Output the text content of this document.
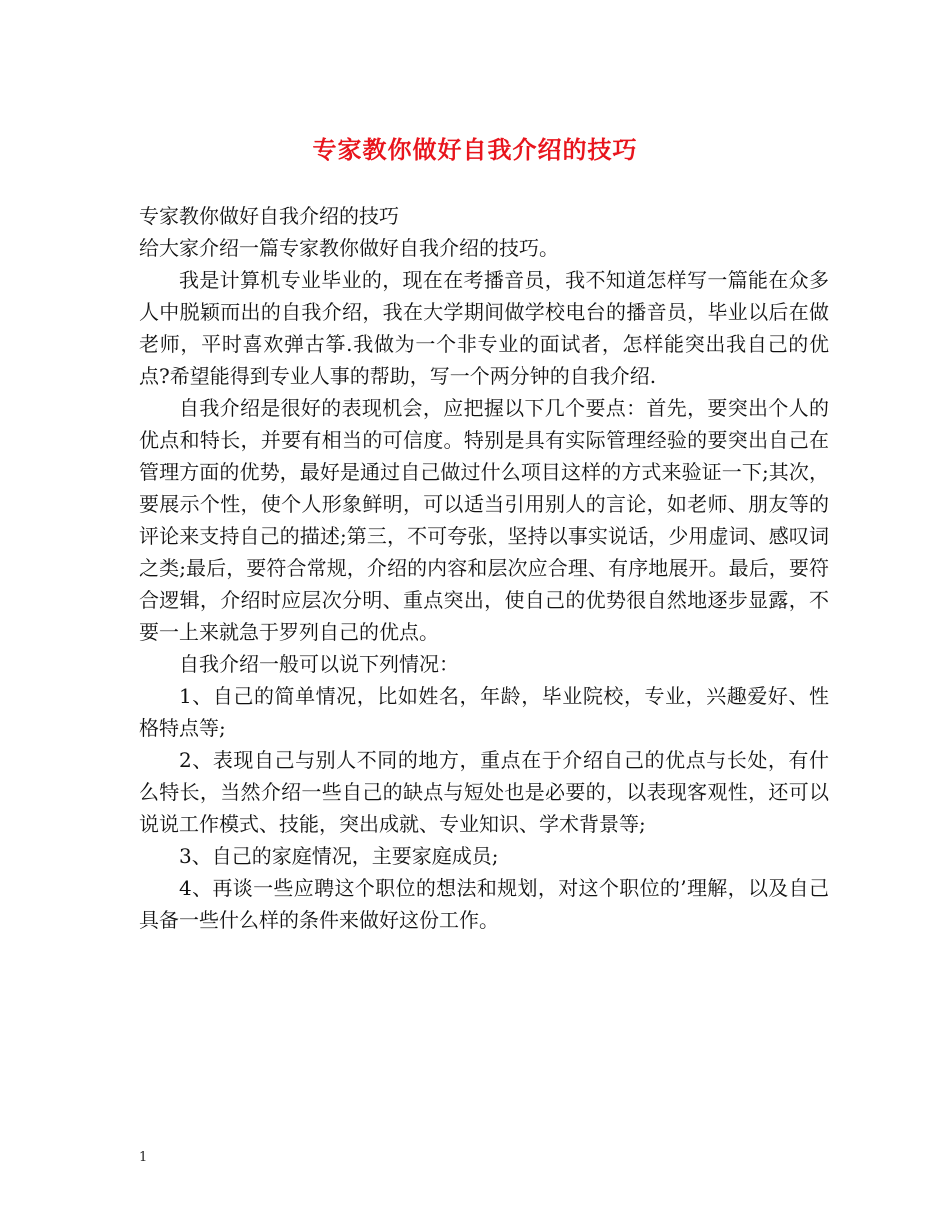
专家教你做好自我介绍的技巧

专家教你做好自我介绍的技巧

给大家介绍一篇专家教你做好自我介绍的技巧。

我是计算机专业毕业的，现在在考播音员，我不知道怎样写一篇能在众多人中脱颖而出的自我介绍，我在大学期间做学校电台的播音员，毕业以后在做老师，平时喜欢弹古筝.我做为一个非专业的面试者，怎样能突出我自己的优点?希望能得到专业人事的帮助，写一个两分钟的自我介绍.

自我介绍是很好的表现机会，应把握以下几个要点：首先，要突出个人的优点和特长，并要有相当的可信度。特别是具有实际管理经验的要突出自己在管理方面的优势，最好是通过自己做过什么项目这样的方式来验证一下;其次，要展示个性，使个人形象鲜明，可以适当引用别人的言论，如老师、朋友等的评论来支持自己的描述;第三，不可夸张，坚持以事实说话，少用虚词、感叹词之类;最后，要符合常规，介绍的内容和层次应合理、有序地展开。最后，要符合逻辑，介绍时应层次分明、重点突出，使自己的优势很自然地逐步显露，不要一上来就急于罗列自己的优点。

自我介绍一般可以说下列情况：

1、自己的简单情况，比如姓名，年龄，毕业院校，专业，兴趣爱好、性格特点等;

2、表现自己与别人不同的地方，重点在于介绍自己的优点与长处，有什么特长，当然介绍一些自己的缺点与短处也是必要的，以表现客观性，还可以说说工作模式、技能，突出成就、专业知识、学术背景等;

3、自己的家庭情况，主要家庭成员;

4、再谈一些应聘这个职位的想法和规划，对这个职位的’理解，以及自己具备一些什么样的条件来做好这份工作。

1
